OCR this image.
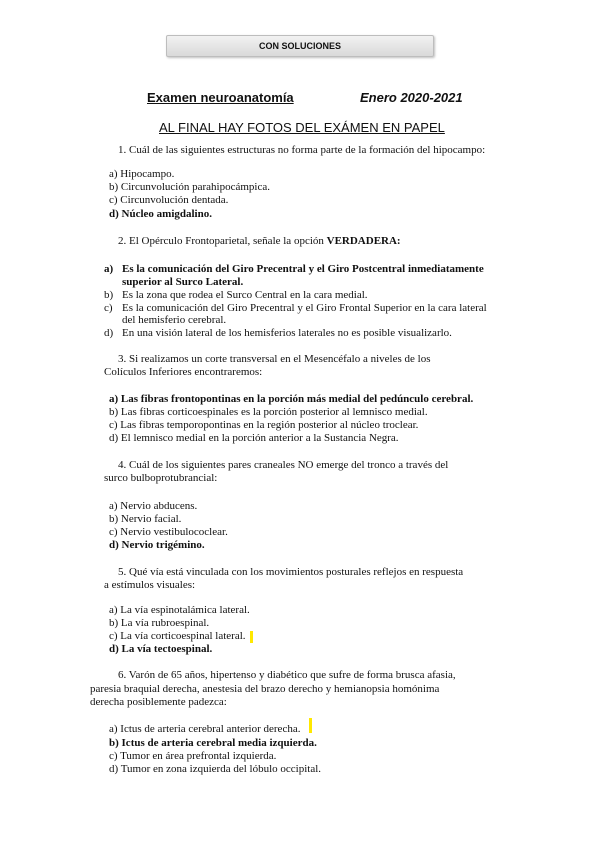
CON SOLUCIONES
Examen neuroanatomía	Enero 2020-2021
AL FINAL HAY FOTOS DEL EXÁMEN EN PAPEL
1. Cuál de las siguientes estructuras no forma parte de la formación del hipocampo:
a) Hipocampo.
b) Circunvolución parahipocámpica.
c) Circunvolución dentada.
d) Núcleo amigdalino.
2. El Opérculo Frontoparietal, señale la opción VERDADERA:
a) Es la comunicación del Giro Precentral y el Giro Postcentral inmediatamente
superior al Surco Lateral.
b) Es la zona que rodea el Surco Central en la cara medial.
c) Es la comunicación del Giro Precentral y el Giro Frontal Superior en la cara lateral
del hemisferio cerebral.
d) En una visión lateral de los hemisferios laterales no es posible visualizarlo.
3. Si realizamos un corte transversal en el Mesencéfalo a niveles de los
Colículos Inferiores encontraremos:
a) Las fibras frontopontinas en la porción más medial del pedúnculo cerebral.
b) Las fibras corticoespinales es la porción posterior al lemnisco medial.
c) Las fibras temporopontinas en la región posterior al núcleo troclear.
d) El lemnisco medial en la porción anterior a la Sustancia Negra.
4. Cuál de los siguientes pares craneales NO emerge del tronco a través del
surco bulboprotubrancial:
a) Nervio abducens.
b) Nervio facial.
c) Nervio vestibulococlear.
d) Nervio trigémino.
5. Qué vía está vinculada con los movimientos posturales reflejos en respuesta
a estímulos visuales:
a) La vía espinotalámica lateral.
b) La vía rubroespinal.
c) La vía corticoespinal lateral.
d) La vía tectoespinal.
6. Varón de 65 años, hipertenso y diabético que sufre de forma brusca afasia,
paresia braquial derecha, anestesia del brazo derecho y hemianopsia homónima
derecha posiblemente padezca:
a) Ictus de arteria cerebral anterior derecha.
b) Ictus de arteria cerebral media izquierda.
c) Tumor en área prefrontal izquierda.
d) Tumor en zona izquierda del lóbulo occipital.
